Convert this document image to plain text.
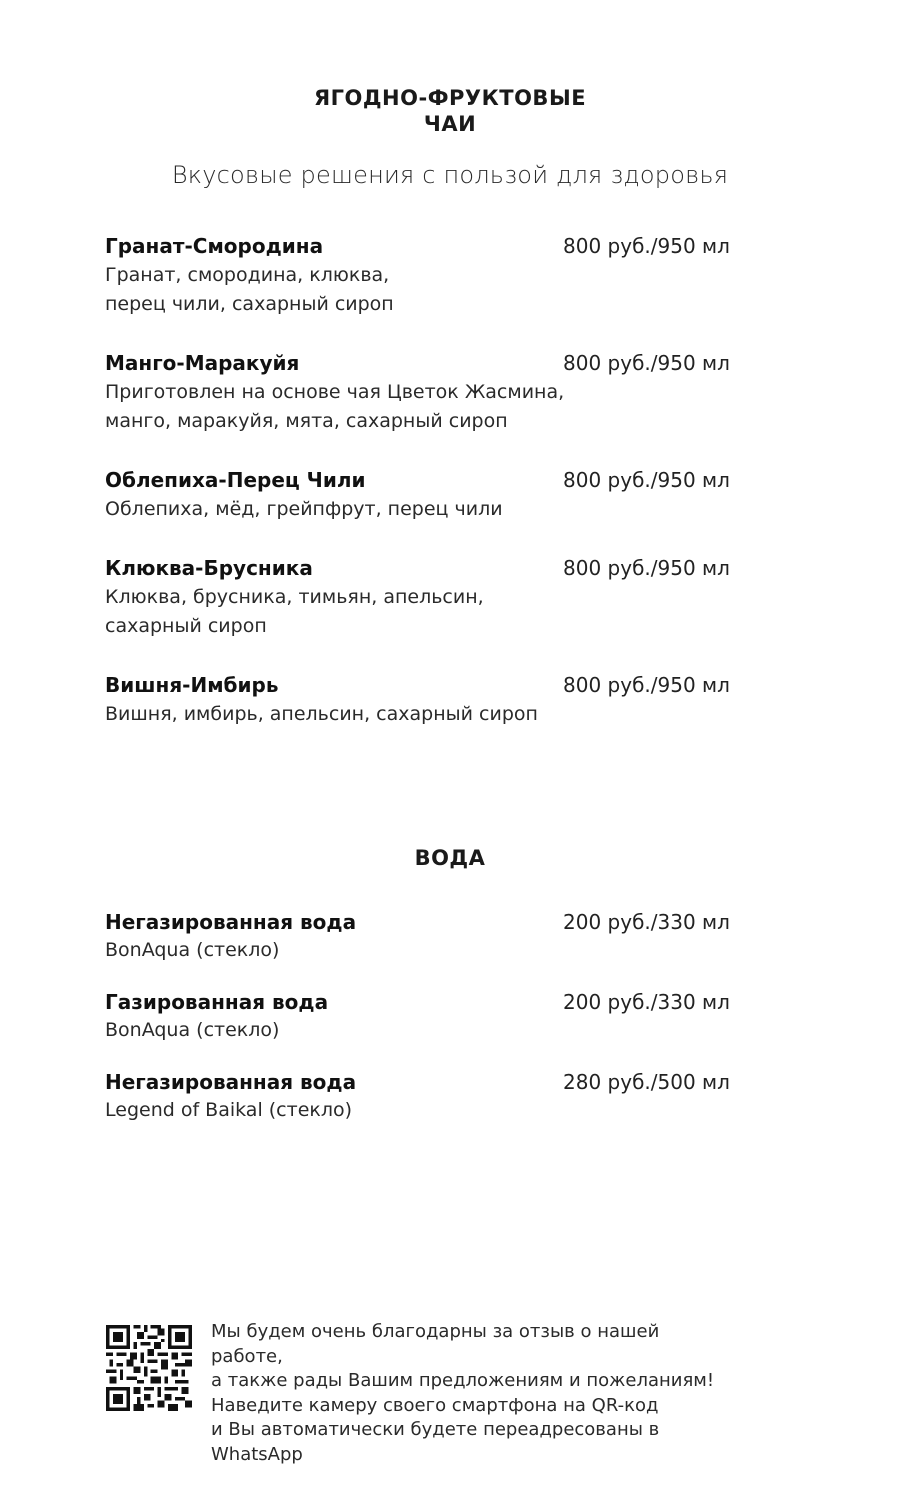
ЯГОДНО-ФРУКТОВЫЕ
ЧАИ
Вкусовые решения с пользой для здоровья
Гранат-Смородина	800 руб./950 мл
Гранат, смородина, клюква,
перец чили, сахарный сироп
Манго-Маракуйя	800 руб./950 мл
Приготовлен на основе чая Цветок Жасмина,
манго, маракуйя, мята, сахарный сироп
Облепиха-Перец Чили	800 руб./950 мл
Облепиха, мёд, грейпфрут, перец чили
Клюква-Брусника	800 руб./950 мл
Клюква, брусника, тимьян, апельсин,
сахарный сироп
Вишня-Имбирь	800 руб./950 мл
Вишня, имбирь, апельсин, сахарный сироп
ВОДА
Негазированная вода	200 руб./330 мл
BonAqua (стекло)
Газированная вода	200 руб./330 мл
BonAqua (стекло)
Негазированная вода	280 руб./500 мл
Legend of Baikal (стекло)
Мы будем очень благодарны за отзыв о нашей работе,
а также рады Вашим предложениям и пожеланиям!
Наведите камеру своего смартфона на QR-код
и Вы автоматически будете переадресованы в WhatsApp
